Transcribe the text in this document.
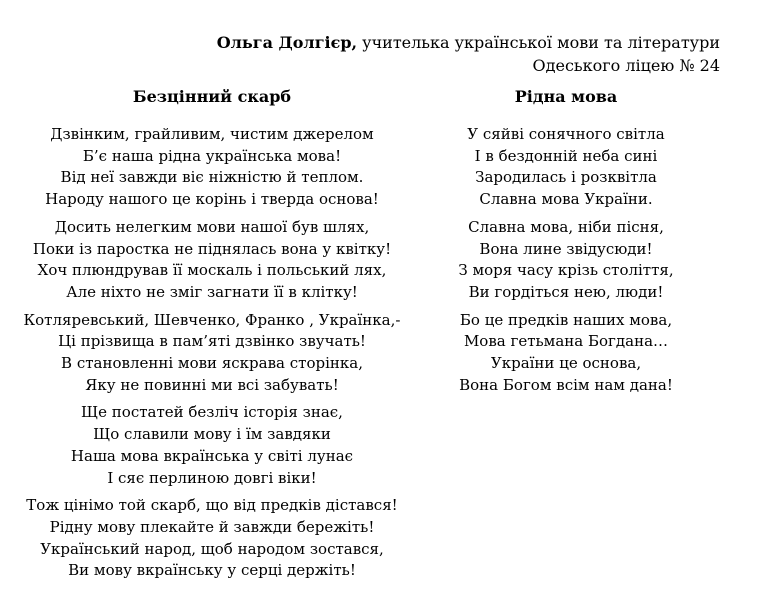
Ольга Долгієр, учителька української мови та літератури
Одеського ліцею № 24
Безцінний скарб
Дзвінким, грайливим, чистим джерелом
Б’є наша рідна українська мова!
Від неї завжди віє ніжністю й теплом.
Народу нашого це корінь і тверда основа!
Досить нелегким мови нашої був шлях,
Поки із паростка не піднялась вона у квітку!
Хоч плюндрував її москаль і польський лях,
Але ніхто не зміг загнати її в клітку!
Котляревський, Шевченко, Франко , Українка,-
Ці прізвища в пам’яті дзвінко звучать!
В становленні мови яскрава сторінка,
Яку не повинні ми всі забувать!
Ще постатей безліч історія знає,
Що славили мову і їм завдяки
Наша мова вкраїнська у світі лунає
І сяє перлиною довгі віки!
Тож цінімо той скарб, що від предків дістався!
Рідну мову плекайте й завжди бережіть!
Український народ, щоб народом зостався,
Ви мову вкраїнську у серці держіть!
Рідна мова
У сяйві сонячного світла
І в бездонній неба сині
Зародилась і розквітла
Славна мова України.
Славна мова, ніби пісня,
Вона лине звідусюди!
З моря часу крізь століття,
Ви гордіться нею, люди!
Бо це предків наших мова,
Мова гетьмана Богдана…
України це основа,
Вона Богом всім нам дана!
